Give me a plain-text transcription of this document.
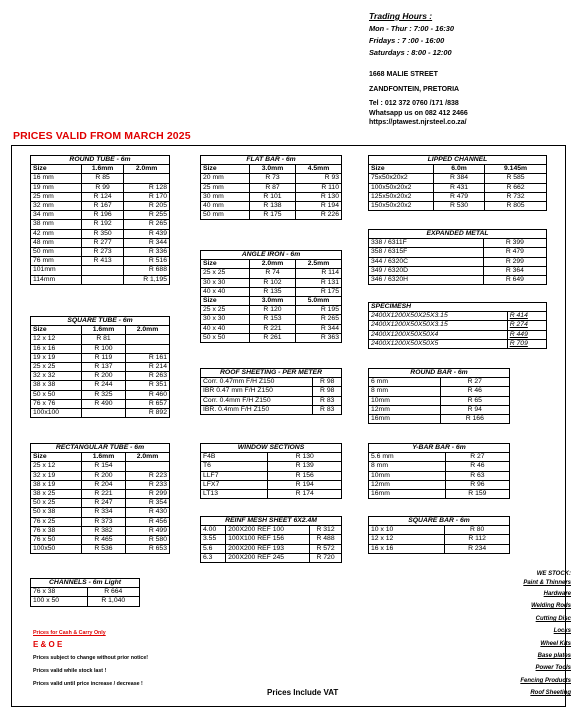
Trading Hours :
Mon - Thur : 7:00 - 16:30
Fridays : 7 :00 - 16:00
Saturdays : 8:00 - 12:00
1668 MALIE STREET
ZANDFONTEIN, PRETORIA
Tel : 012 372 0760 /171 /838
Whatsapp us on 082 412 2466
https://ptawest.njrsteel.co.za/
PRICES VALID FROM MARCH 2025
ROUND TUBE - 6m		
Size	1.6mm	2.0mm
16 mm	R 85	
19 mm	R 99	R 128
25 mm	R 124	R 170
32 mm	R 167	R 205
34 mm	R 196	R 255
38 mm	R 192	R 265
42 mm	R 350	R 439
48 mm	R 277	R 344
50 mm	R 273	R 336
76 mm	R 413	R 516
101mm		R 688
114mm		R 1,195
SQUARE TUBE - 6m		
Size	1.6mm	2.0mm
12 x 12	R 81	
16 x 16	R 100	
19 x 19	R 119	R 161
25 x 25	R 137	R 214
32 x 32	R 200	R 263
38 x 38	R 244	R 351
50 x 50	R 325	R 460
76 x 76	R 490	R 657
100x100		R 892
RECTANGULAR TUBE - 6m		
Size	1.6mm	2.0mm
25 x 12	R 154	
32 x 19	R 200	R 223
38 x 19	R 204	R 233
38 x 25	R 221	R 299
50 x 25	R 247	R 354
50 x 38	R 334	R 430
76 x 25	R 373	R 456
76 x 38	R 382	R 499
76 x 50	R 465	R 580
100x50	R 536	R 653
CHANNELS - 6m Light	
76 x 38	R 664
100 x 50	R 1,040
FLAT BAR - 6m		
Size	3.0mm	4.5mm
20 mm	R 73	R 93
25 mm	R 87	R 110
30 mm	R 101	R 130
40 mm	R 138	R 194
50 mm	R 175	R 226
ANGLE IRON - 6m		
Size	2.0mm	2.5mm
25 x 25	R 74	R 114
30 x 30	R 102	R 131
40 x 40	R 135	R 175
Size	3.0mm	5.0mm
25 x 25	R 120	R 195
30 x 30	R 153	R 265
40 x 40	R 221	R 344
50 x 50	R 261	R 363
ROOF SHEETING - PER METER	
Corr. 0.47mm F/H Z150	R 98
IBR 0.47 mm F/H Z150	R 98
Corr. 0.4mm F/H Z150	R 83
IBR. 0.4mm F/H Z150	R 83
WINDOW SECTIONS	
F4B	R 130
T6	R 139
LLF7	R 156
LFX7	R 194
LT13	R 174
REINF MESH SHEET 6X2.4M		
4.00	200X200 REF 100	R 312
3.55	100X100 REF 156	R 488
5.6	200X200 REF 193	R 572
6.3	200X200 REF 245	R 720
LIPPED CHANNEL		
Size	6.0m	9.145m
75x50x20x2	R 384	R 585
100x50x20x2	R 431	R 662
125x50x20x2	R 479	R 732
150x50x20x2	R 530	R 805
EXPANDED METAL	
338 / 6311F	R 399
358 / 6315F	R 479
344 / 6320C	R 299
349 / 6320D	R 364
346 / 6320H	R 649
SPECIMESH	
2400X1200X50X25X3.15	R 414
2400X1200X50X50X3.15	R 274
2400X1200X50X50X4	R 449
2400X1200X50X50X5	R 709
ROUND BAR - 6m	
6 mm	R 27
8 mm	R 46
10mm	R 65
12mm	R 94
16mm	R 166
Y-BAR BAR - 6m	
5.6 mm	R 27
8 mm	R 46
10mm	R 63
12mm	R 96
16mm	R 159
SQUARE BAR - 6m	
10 x 10	R 80
12 x 12	R 112
16 x 16	R 234
Prices for Cash & Carry Only
E & O E
Prices subject to change without prior notice!
Prices valid while stock last !
Prices valid until price increase / decrease !
Prices Include VAT
WE STOCK:
Paint & Thinners
Hardware
Welding Rods
Cutting Disc
Locks
Wheel Kits
Base plates
Power Tools
Fencing Products
Roof Sheeting
